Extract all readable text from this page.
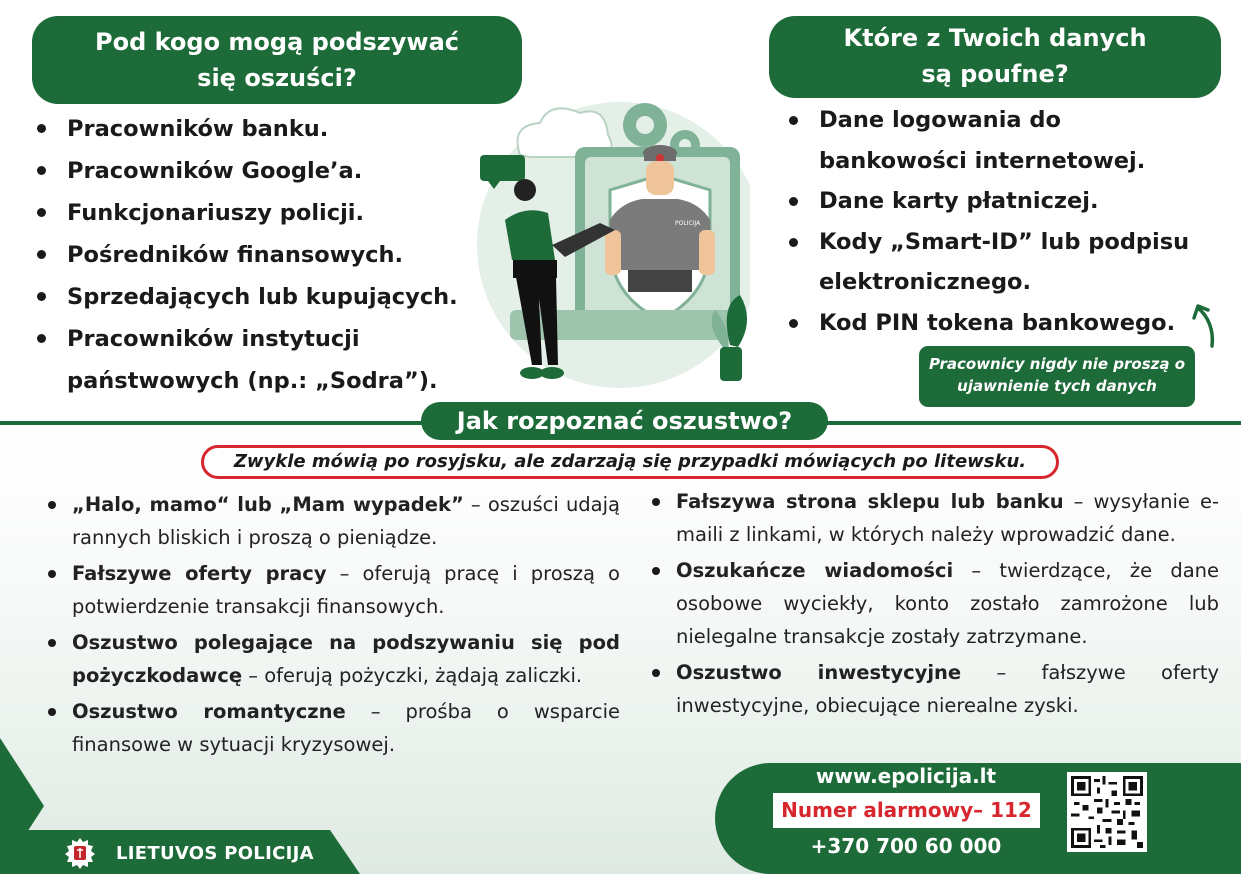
Pod kogo mogą podszywać
się oszuści?
Pracowników banku.
Pracowników Google’a.
Funkcjonariuszy policji.
Pośredników finansowych.
Sprzedających lub kupujących.
Pracowników instytucji państwowych (np.: „Sodra”).
Które z Twoich danych
są poufne?
Dane logowania do bankowości internetowej.
Dane karty płatniczej.
Kody „Smart-ID” lub podpisu elektronicznego.
Kod PIN tokena bankowego.
Pracownicy nigdy nie proszą o
ujawnienie tych danych
POLICIJA
Jak rozpoznać oszustwo?
Zwykle mówią po rosyjsku, ale zdarzają się przypadki mówiących po litewsku.
„Halo, mamo“ lub „Mam wypadek” – oszuści udają rannych bliskich i proszą o pieniądze.
Fałszywe oferty pracy – oferują pracę i proszą o potwierdzenie transakcji finansowych.
Oszustwo polegające na podszywaniu się pod pożyczkodawcę – oferują pożyczki, żądają zaliczki.
Oszustwo romantyczne – prośba o wsparcie finansowe w sytuacji kryzysowej.
Fałszywa strona sklepu lub banku – wysyłanie e-maili z linkami, w których należy wprowadzić dane.
Oszukańcze wiadomości – twierdzące, że dane osobowe wyciekły, konto zostało zamrożone lub nielegalne transakcje zostały zatrzymane.
Oszustwo inwestycyjne – fałszywe oferty inwestycyjne, obiecujące nierealne zyski.
LIETUVOS POLICIJA
www.epolicija.lt
Numer alarmowy– 112
+370 700 60 000
